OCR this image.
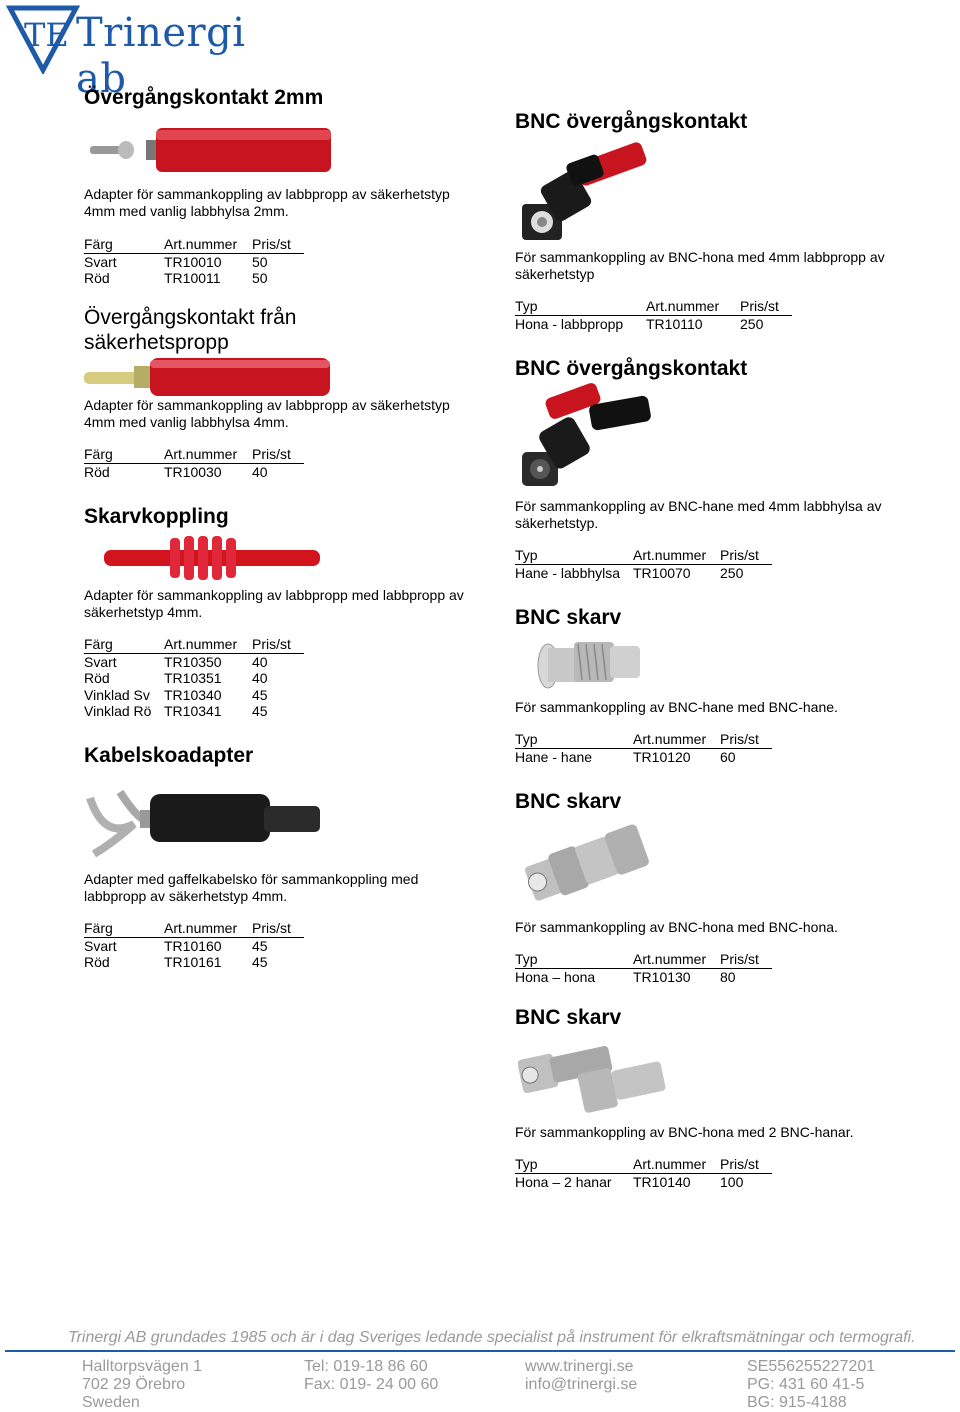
TE Trinergi ab
Övergångskontakt 2mm
Adapter för sammankoppling av labbpropp av säkerhetstyp 4mm med vanlig labbhylsa 2mm.
Färg	Art.nummer	Pris/st
Svart	TR10010	50
Röd	TR10011	50
Övergångskontakt från säkerhetspropp
Adapter för sammankoppling av labbpropp av säkerhetstyp 4mm med vanlig labbhylsa 4mm.
Färg	Art.nummer	Pris/st
Röd	TR10030	40
Skarvkoppling
Adapter för sammankoppling av labbpropp med labbpropp av säkerhetstyp 4mm.
Färg	Art.nummer	Pris/st
Svart	TR10350	40
Röd	TR10351	40
Vinklad Sv	TR10340	45
Vinklad Rö	TR10341	45
Kabelskoadapter
Adapter med gaffelkabelsko för sammankoppling med labbpropp av säkerhetstyp 4mm.
Färg	Art.nummer	Pris/st
Svart	TR10160	45
Röd	TR10161	45
BNC övergångskontakt
För sammankoppling av BNC-hona med 4mm labbpropp av säkerhetstyp
Typ	Art.nummer	Pris/st
Hona - labbpropp	TR10110	250
BNC övergångskontakt
För sammankoppling av BNC-hane med 4mm labbhylsa av säkerhetstyp.
Typ	Art.nummer	Pris/st
Hane - labbhylsa	TR10070	250
BNC skarv
För sammankoppling av BNC-hane med BNC-hane.
Typ	Art.nummer	Pris/st
Hane - hane	TR10120	60
BNC skarv
För sammankoppling av BNC-hona med BNC-hona.
Typ	Art.nummer	Pris/st
Hona – hona	TR10130	80
BNC skarv
För sammankoppling av BNC-hona med 2 BNC-hanar.
Typ	Art.nummer	Pris/st
Hona – 2 hanar	TR10140	100
Trinergi AB grundades 1985 och är i dag Sveriges ledande specialist på instrument för elkraftsmätningar och termografi.
Halltorpsvägen 1
702 29 Örebro
Sweden
Tel: 019-18 86 60
Fax: 019- 24 00 60
www.trinergi.se
info@trinergi.se
SE556255227201
PG: 431 60 41-5
BG: 915-4188
